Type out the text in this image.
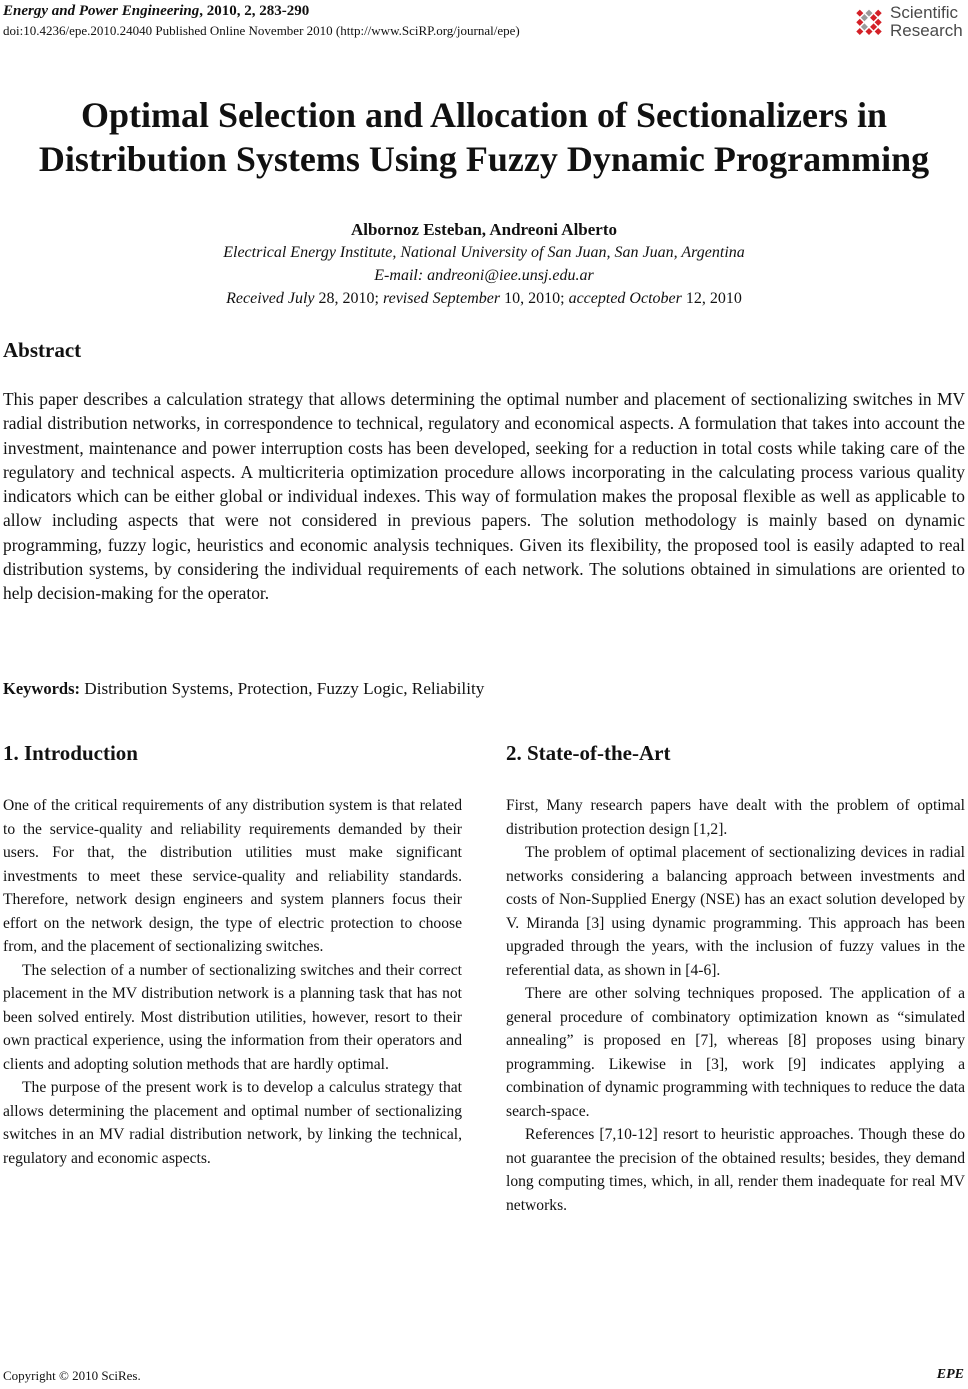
Energy and Power Engineering, 2010, 2, 283-290
doi:10.4236/epe.2010.24040 Published Online November 2010 (http://www.SciRP.org/journal/epe)
Scientific
Research
Optimal Selection and Allocation of Sectionalizers in
Distribution Systems Using Fuzzy Dynamic Programming
Albornoz Esteban, Andreoni Alberto
Electrical Energy Institute, National University of San Juan, San Juan, Argentina
E-mail: andreoni@iee.unsj.edu.ar
Received July 28, 2010; revised September 10, 2010; accepted October 12, 2010
Abstract
This paper describes a calculation strategy that allows determining the optimal number and placement of sectionalizing switches in MV radial distribution networks, in correspondence to technical, regulatory and economical aspects. A formulation that takes into account the investment, maintenance and power interruption costs has been developed, seeking for a reduction in total costs while taking care of the regulatory and technical aspects. A multicriteria optimization procedure allows incorporating in the calculating process various quality indicators which can be either global or individual indexes. This way of formulation makes the proposal flexible as well as applicable to allow including aspects that were not considered in previous papers. The solution methodology is mainly based on dynamic programming, fuzzy logic, heuristics and economic analysis techniques. Given its flexibility, the proposed tool is easily adapted to real distribution systems, by considering the individual requirements of each network. The solutions obtained in simulations are oriented to help decision-making for the operator.
Keywords: Distribution Systems, Protection, Fuzzy Logic, Reliability
1. Introduction

One of the critical requirements of any distribution system is that related to the service-quality and reliability requirements demanded by their users. For that, the distribution utilities must make significant investments to meet these service-quality and reliability standards. Therefore, network design engineers and system planners focus their effort on the network design, the type of electric protection to choose from, and the placement of sectionalizing switches.

The selection of a number of sectionalizing switches and their correct placement in the MV distribution network is a planning task that has not been solved entirely. Most distribution utilities, however, resort to their own practical experience, using the information from their operators and clients and adopting solution methods that are hardly optimal.

The purpose of the present work is to develop a calculus strategy that allows determining the placement and optimal number of sectionalizing switches in an MV radial distribution network, by linking the technical, regulatory and economic aspects.

2. State-of-the-Art

First, Many research papers have dealt with the problem of optimal distribution protection design [1,2].

The problem of optimal placement of sectionalizing devices in radial networks considering a balancing approach between investments and costs of Non-Supplied Energy (NSE) has an exact solution developed by V. Miranda [3] using dynamic programming. This approach has been upgraded through the years, with the inclusion of fuzzy values in the referential data, as shown in [4-6].

There are other solving techniques proposed. The application of a general procedure of combinatory optimization known as “simulated annealing” is proposed en [7], whereas [8] proposes using binary programming. Likewise in [3], work [9] indicates applying a combination of dynamic programming with techniques to reduce the data search-space.

References [7,10-12] resort to heuristic approaches. Though these do not guarantee the precision of the obtained results; besides, they demand long computing times, which, in all, render them inadequate for real MV networks.

Copyright © 2010 SciRes.	EPE
